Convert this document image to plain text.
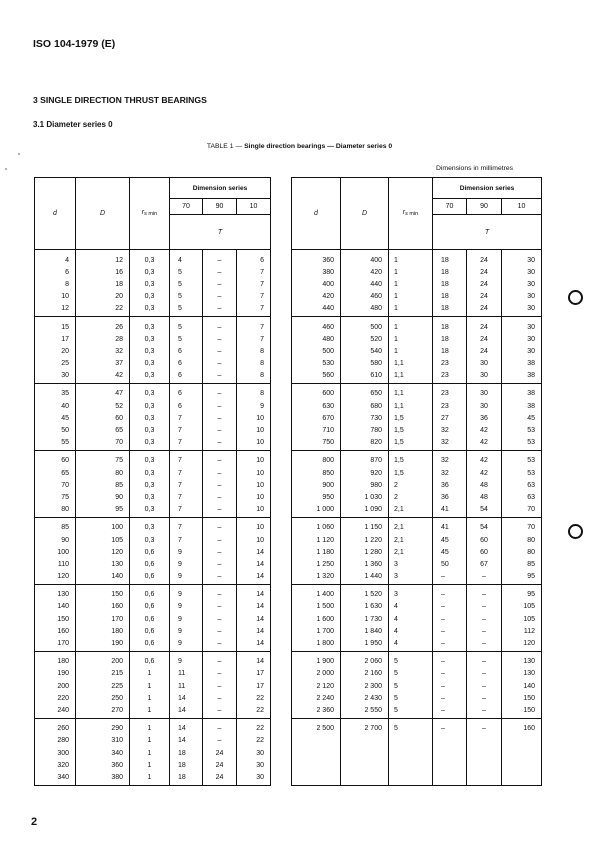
ISO 104-1979 (E)
3 SINGLE DIRECTION THRUST BEARINGS
3.1 Diameter series 0
TABLE 1 — Single direction bearings — Diameter series 0
Dimensions in millimetres
d	D	rs min	Dimension series		
			70	90	10
			T		
4	12	0,3	4	–	6
6	16	0,3	5	–	7
8	18	0,3	5	–	7
10	20	0,3	5	–	7
12	22	0,3	5	–	7
15	26	0,3	5	–	7
17	28	0,3	5	–	7
20	32	0,3	6	–	8
25	37	0,3	6	–	8
30	42	0,3	6	–	8
35	47	0,3	6	–	8
40	52	0,3	6	–	9
45	60	0,3	7	–	10
50	65	0,3	7	–	10
55	70	0,3	7	–	10
60	75	0,3	7	–	10
65	80	0,3	7	–	10
70	85	0,3	7	–	10
75	90	0,3	7	–	10
80	95	0,3	7	–	10
85	100	0,3	7	–	10
90	105	0,3	7	–	10
100	120	0,6	9	–	14
110	130	0,6	9	–	14
120	140	0,6	9	–	14
130	150	0,6	9	–	14
140	160	0,6	9	–	14
150	170	0,6	9	–	14
160	180	0,6	9	–	14
170	190	0,6	9	–	14
180	200	0,6	9	–	14
190	215	1	11	–	17
200	225	1	11	–	17
220	250	1	14	–	22
240	270	1	14	–	22
260	290	1	14	–	22
280	310	1	14	–	22
300	340	1	18	24	30
320	360	1	18	24	30
340	380	1	18	24	30
d	D	rs min	Dimension series		
			70	90	10
			T		
360	400	1	18	24	30
380	420	1	18	24	30
400	440	1	18	24	30
420	460	1	18	24	30
440	480	1	18	24	30
460	500	1	18	24	30
480	520	1	18	24	30
500	540	1	18	24	30
530	580	1,1	23	30	38
560	610	1,1	23	30	38
600	650	1,1	23	30	38
630	680	1,1	23	30	38
670	730	1,5	27	36	45
710	780	1,5	32	42	53
750	820	1,5	32	42	53
800	870	1,5	32	42	53
850	920	1,5	32	42	53
900	980	2	36	48	63
950	1 030	2	36	48	63
1 000	1 090	2,1	41	54	70
1 060	1 150	2,1	41	54	70
1 120	1 220	2,1	45	60	80
1 180	1 280	2,1	45	60	80
1 250	1 360	3	50	67	85
1 320	1 440	3	–	–	95
1 400	1 520	3	–	–	95
1 500	1 630	4	–	–	105
1 600	1 730	4	–	–	105
1 700	1 840	4	–	–	112
1 800	1 950	4	–	–	120
1 900	2 060	5	–	–	130
2 000	2 160	5	–	–	130
2 120	2 300	5	–	–	140
2 240	2 430	5	–	–	150
2 360	2 550	5	–	–	150
2 500	2 700	5	–	–	160

2
